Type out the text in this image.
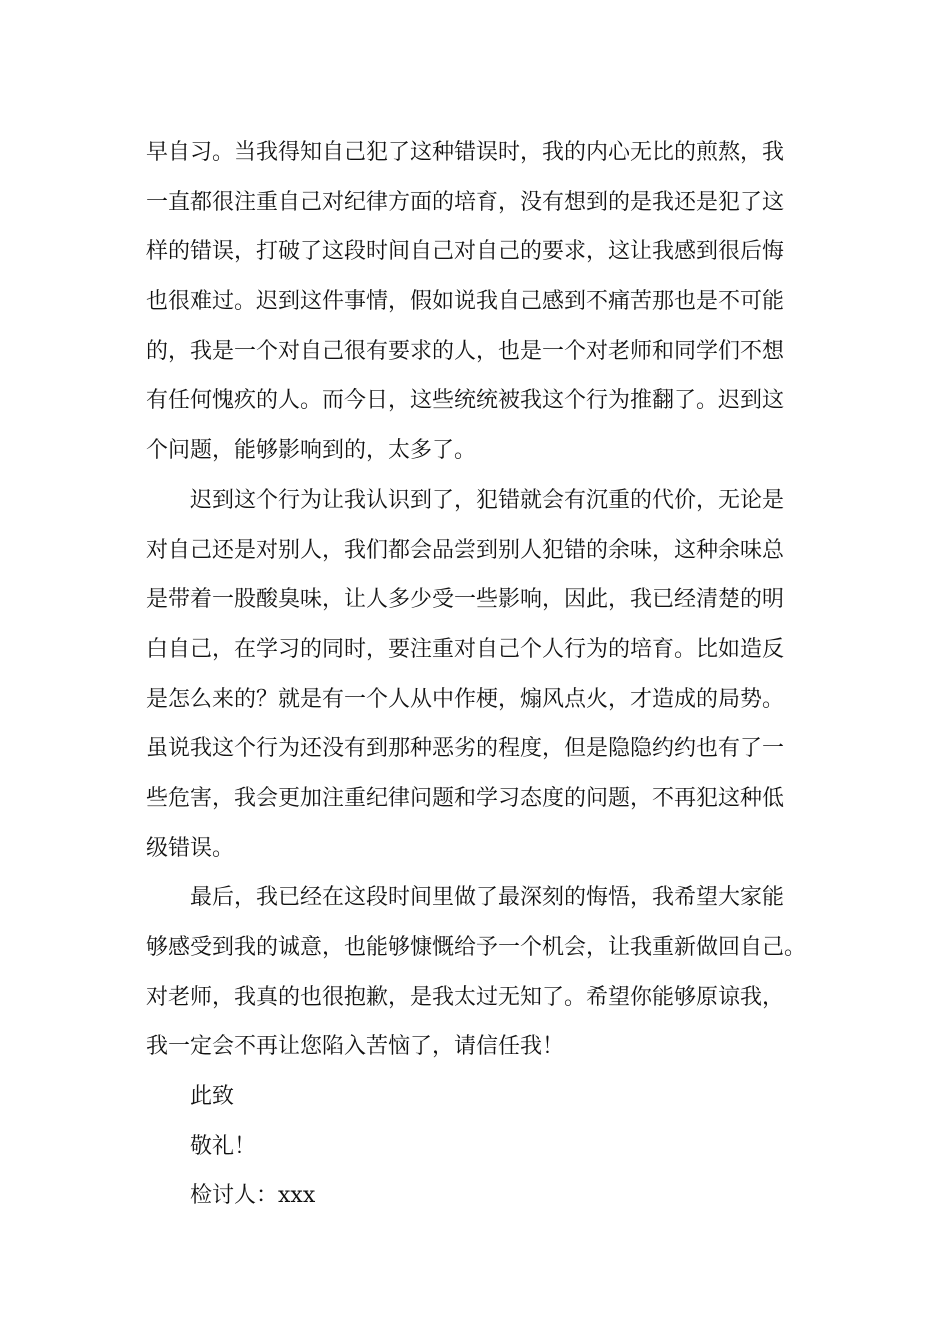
早自习。当我得知自己犯了这种错误时，我的内心无比的煎熬，我
一直都很注重自己对纪律方面的培育，没有想到的是我还是犯了这
样的错误，打破了这段时间自己对自己的要求，这让我感到很后悔
也很难过。迟到这件事情，假如说我自己感到不痛苦那也是不可能
的，我是一个对自己很有要求的人，也是一个对老师和同学们不想
有任何愧疚的人。而今日，这些统统被我这个行为推翻了。迟到这
个问题，能够影响到的，太多了。
迟到这个行为让我认识到了，犯错就会有沉重的代价，无论是
对自己还是对别人，我们都会品尝到别人犯错的余味，这种余味总
是带着一股酸臭味，让人多少受一些影响，因此，我已经清楚的明
白自己，在学习的同时，要注重对自己个人行为的培育。比如造反
是怎么来的？就是有一个人从中作梗，煽风点火，才造成的局势。
虽说我这个行为还没有到那种恶劣的程度，但是隐隐约约也有了一
些危害，我会更加注重纪律问题和学习态度的问题，不再犯这种低
级错误。
最后，我已经在这段时间里做了最深刻的悔悟，我希望大家能
够感受到我的诚意，也能够慷慨给予一个机会，让我重新做回自己。
对老师，我真的也很抱歉，是我太过无知了。希望你能够原谅我，
我一定会不再让您陷入苦恼了，请信任我！
此致
敬礼！
检讨人：xxx
